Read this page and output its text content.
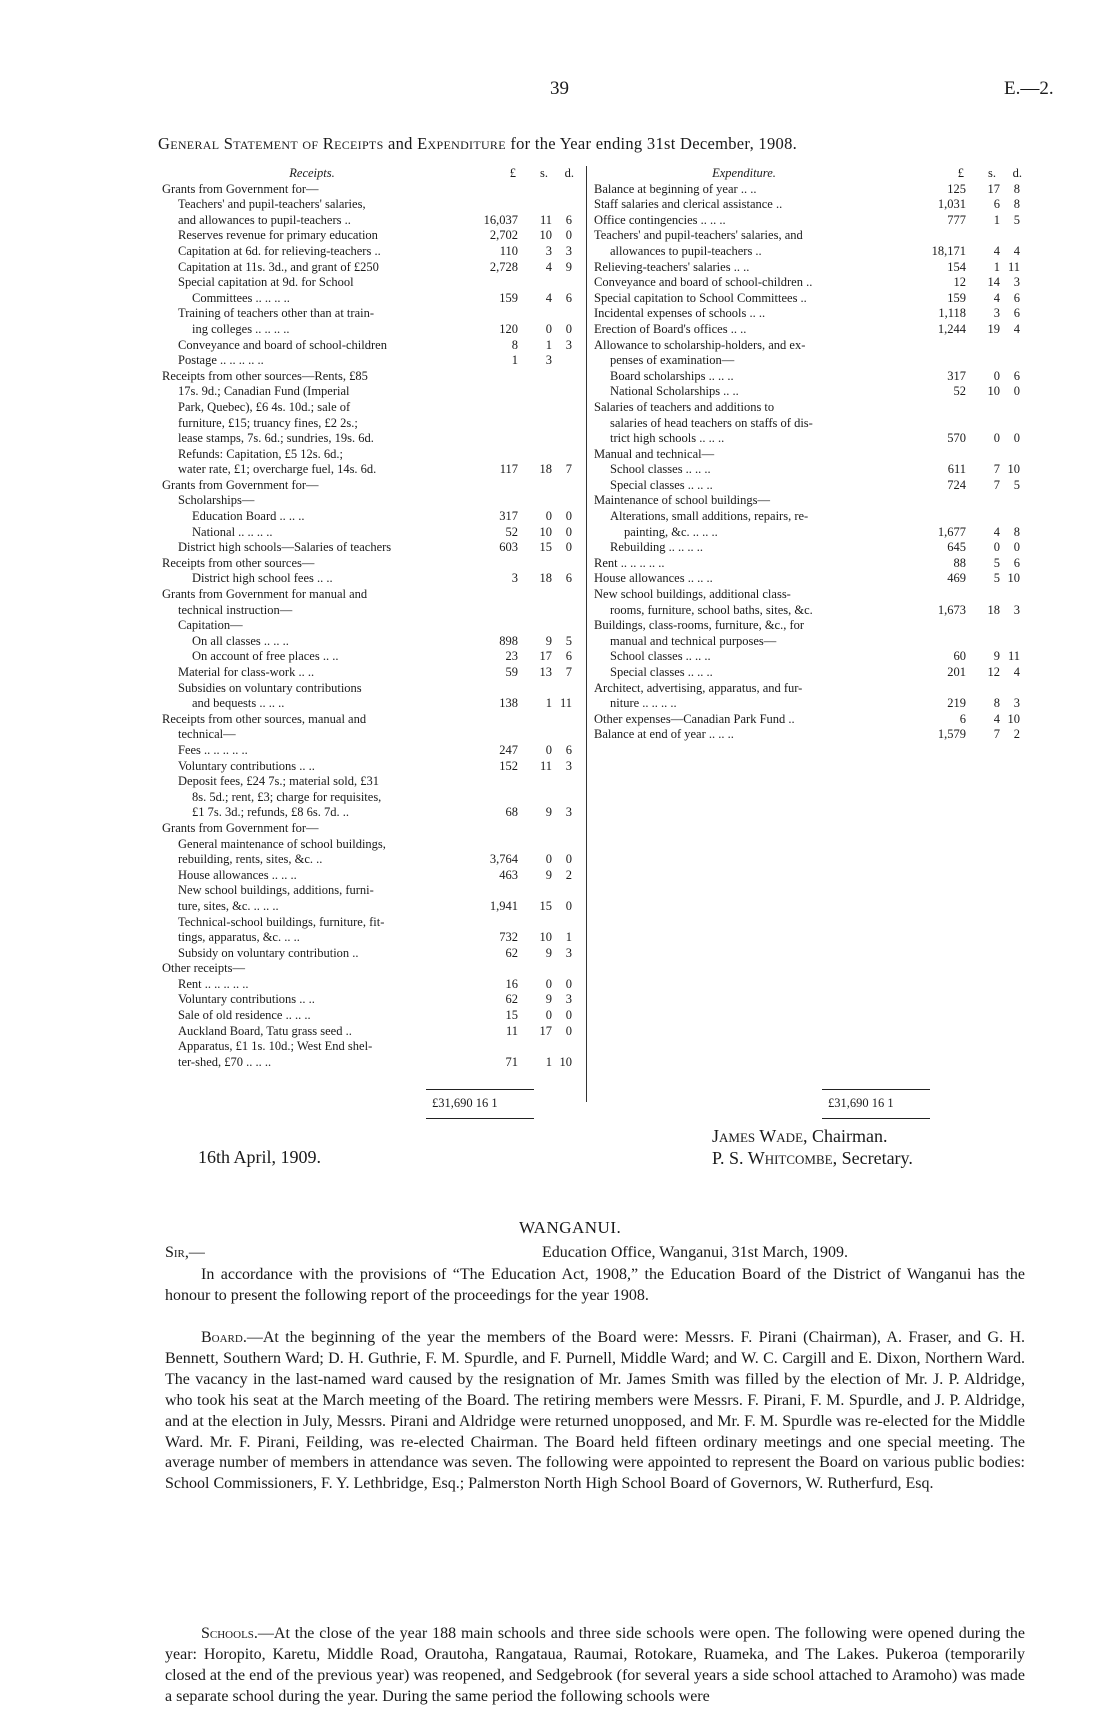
39	E.—2.
General Statement of Receipts and Expenditure for the Year ending 31st December, 1908.
Receipts.	£ s. d.
Grants from Government for—
Teachers' and pupil-teachers' salaries,
and allowances to pupil-teachers ..	16,037 11 6
Reserves revenue for primary education	2,702 10 0
Capitation at 6d. for relieving-teachers ..	110 3 3
Capitation at 11s. 3d., and grant of £250	2,728 4 9
Special capitation at 9d. for School
Committees .. .. .. ..	159 4 6
Training of teachers other than at train-
ing colleges .. .. .. ..	120 0 0
Conveyance and board of school-children	8 1 3
Postage .. .. .. .. ..	1 3
Receipts from other sources—Rents, £85
17s. 9d.; Canadian Fund (Imperial
Park, Quebec), £6 4s. 10d.; sale of
furniture, £15; truancy fines, £2 2s.;
lease stamps, 7s. 6d.; sundries, 19s. 6d.
Refunds: Capitation, £5 12s. 6d.;
water rate, £1; overcharge fuel, 14s. 6d.	117 18 7
Grants from Government for—
Scholarships—
Education Board .. .. ..	317 0 0
National .. .. .. ..	52 10 0
District high schools—Salaries of teachers	603 15 0
Receipts from other sources—
District high school fees .. ..	3 18 6
Grants from Government for manual and
technical instruction—
Capitation—
On all classes .. .. ..	898 9 5
On account of free places .. ..	23 17 6
Material for class-work .. ..	59 13 7
Subsidies on voluntary contributions
and bequests .. .. ..	138 1 11
Receipts from other sources, manual and
technical—
Fees .. .. .. .. ..	247 0 6
Voluntary contributions .. ..	152 11 3
Deposit fees, £24 7s.; material sold, £31
8s. 5d.; rent, £3; charge for requisites,
£1 7s. 3d.; refunds, £8 6s. 7d. ..	68 9 3
Grants from Government for—
General maintenance of school buildings,
rebuilding, rents, sites, &c. ..	3,764 0 0
House allowances .. .. ..	463 9 2
New school buildings, additions, furni-
ture, sites, &c. .. .. ..	1,941 15 0
Technical-school buildings, furniture, fit-
tings, apparatus, &c. .. ..	732 10 1
Subsidy on voluntary contribution ..	62 9 3
Other receipts—
Rent .. .. .. .. ..	16 0 0
Voluntary contributions .. ..	62 9 3
Sale of old residence .. .. ..	15 0 0
Auckland Board, Tatu grass seed ..	11 17 0
Apparatus, £1 1s. 10d.; West End shel-
ter-shed, £70 .. .. ..	71 1 10
Expenditure.	£ s. d.
Balance at beginning of year .. ..	125 17 8
Staff salaries and clerical assistance ..	1,031 6 8
Office contingencies .. .. ..	777 1 5
Teachers' and pupil-teachers' salaries, and
allowances to pupil-teachers ..	18,171 4 4
Relieving-teachers' salaries .. ..	154 1 11
Conveyance and board of school-children ..	12 14 3
Special capitation to School Committees ..	159 4 6
Incidental expenses of schools .. ..	1,118 3 6
Erection of Board's offices .. ..	1,244 19 4
Allowance to scholarship-holders, and ex-
penses of examination—
Board scholarships .. .. ..	317 0 6
National Scholarships .. ..	52 10 0
Salaries of teachers and additions to
salaries of head teachers on staffs of dis-
trict high schools .. .. ..	570 0 0
Manual and technical—
School classes .. .. ..	611 7 10
Special classes .. .. ..	724 7 5
Maintenance of school buildings—
Alterations, small additions, repairs, re-
painting, &c. .. .. ..	1,677 4 8
Rebuilding .. .. .. ..	645 0 0
Rent .. .. .. .. ..	88 5 6
House allowances .. .. ..	469 5 10
New school buildings, additional class-
rooms, furniture, school baths, sites, &c.	1,673 18 3
Buildings, class-rooms, furniture, &c., for
manual and technical purposes—
School classes .. .. ..	60 9 11
Special classes .. .. ..	201 12 4
Architect, advertising, apparatus, and fur-
niture .. .. .. ..	219 8 3
Other expenses—Canadian Park Fund ..	6 4 10
Balance at end of year .. .. ..	1,579 7 2
£31,690 16 1	£31,690 16 1
16th April, 1909.
James Wade, Chairman.
P. S. Whitcombe, Secretary.
WANGANUI.
Sir,—	Education Office, Wanganui, 31st March, 1909.
In accordance with the provisions of “The Education Act, 1908,” the Education Board of the District of Wanganui has the honour to present the following report of the proceedings for the year 1908.
Board.—At the beginning of the year the members of the Board were: Messrs. F. Pirani (Chairman), A. Fraser, and G. H. Bennett, Southern Ward; D. H. Guthrie, F. M. Spurdle, and F. Purnell, Middle Ward; and W. C. Cargill and E. Dixon, Northern Ward. The vacancy in the last-named ward caused by the resignation of Mr. James Smith was filled by the election of Mr. J. P. Aldridge, who took his seat at the March meeting of the Board. The retiring members were Messrs. F. Pirani, F. M. Spurdle, and J. P. Aldridge, and at the election in July, Messrs. Pirani and Aldridge were returned unopposed, and Mr. F. M. Spurdle was re-elected for the Middle Ward. Mr. F. Pirani, Feilding, was re-elected Chairman. The Board held fifteen ordinary meetings and one special meeting. The average number of members in attendance was seven. The following were appointed to represent the Board on various public bodies: School Commissioners, F. Y. Lethbridge, Esq.; Palmerston North High School Board of Governors, W. Rutherfurd, Esq.
Schools.—At the close of the year 188 main schools and three side schools were open. The following were opened during the year: Horopito, Karetu, Middle Road, Orautoha, Rangataua, Raumai, Rotokare, Ruameka, and The Lakes. Pukeroa (temporarily closed at the end of the previous year) was reopened, and Sedgebrook (for several years a side school attached to Aramoho) was made a separate school during the year. During the same period the following schools were
